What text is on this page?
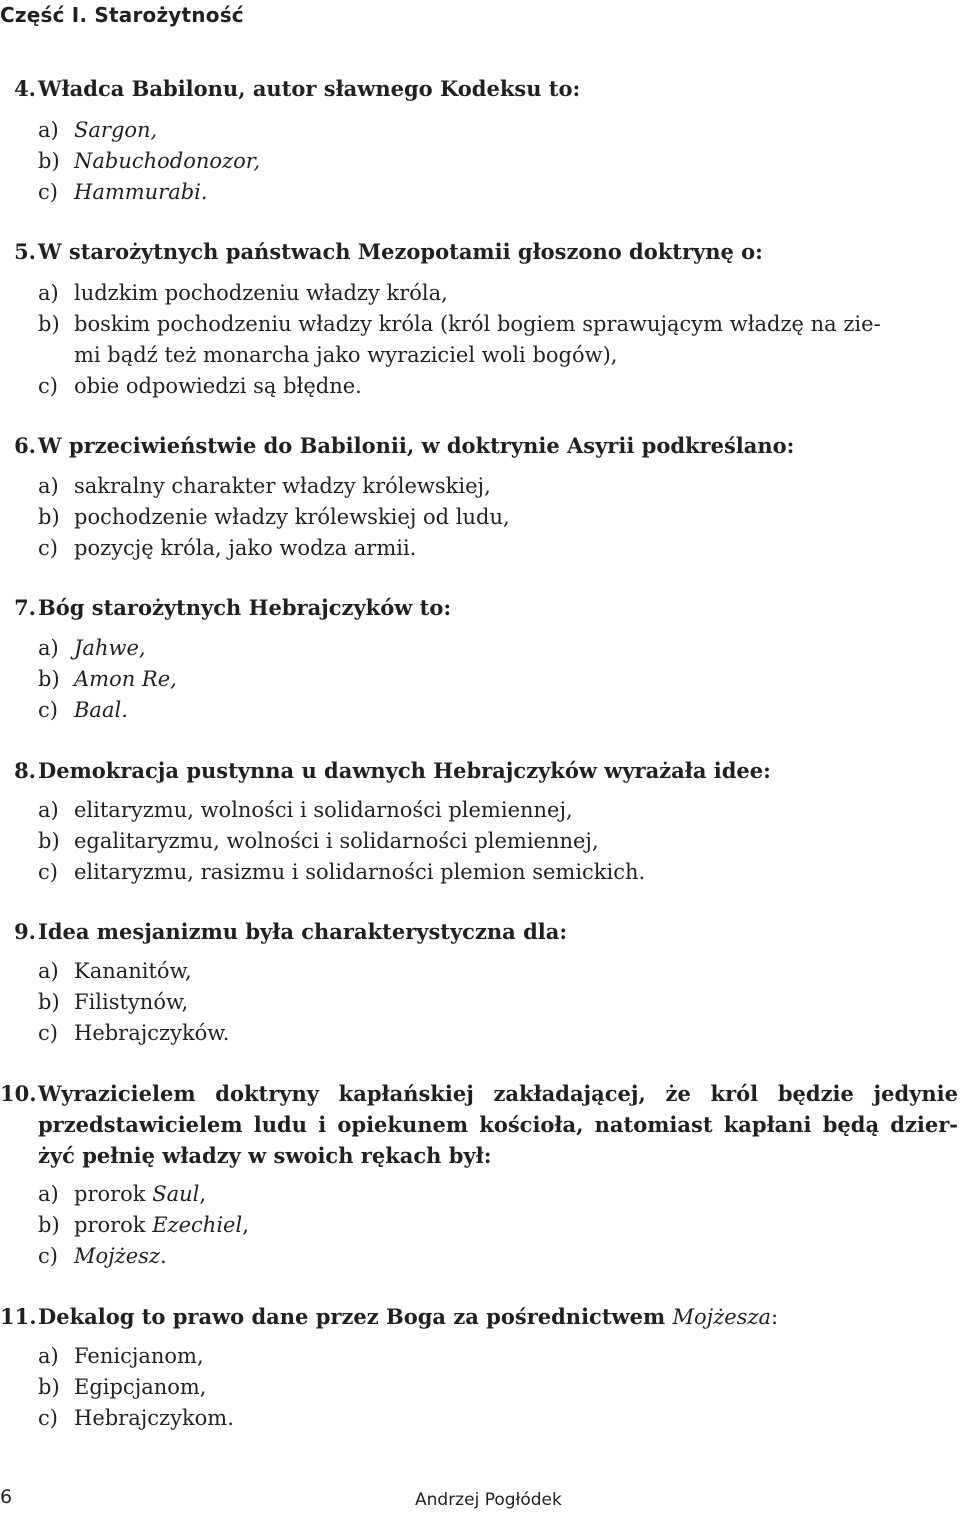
Część I. Starożytność
4. Władca Babilonu, autor sławnego Kodeksu to:
a) Sargon,
b) Nabuchodonozor,
c) Hammurabi.
5. W starożytnych państwach Mezopotamii głoszono doktrynę o:
a) ludzkim pochodzeniu władzy króla,
b) boskim pochodzeniu władzy króla (król bogiem sprawującym władzę na zie-
mi bądź też monarcha jako wyraziciel woli bogów),
c) obie odpowiedzi są błędne.
6. W przeciwieństwie do Babilonii, w doktrynie Asyrii podkreślano:
a) sakralny charakter władzy królewskiej,
b) pochodzenie władzy królewskiej od ludu,
c) pozycję króla, jako wodza armii.
7. Bóg starożytnych Hebrajczyków to:
a) Jahwe,
b) Amon Re,
c) Baal.
8. Demokracja pustynna u dawnych Hebrajczyków wyrażała idee:
a) elitaryzmu, wolności i solidarności plemiennej,
b) egalitaryzmu, wolności i solidarności plemiennej,
c) elitaryzmu, rasizmu i solidarności plemion semickich.
9. Idea mesjanizmu była charakterystyczna dla:
a) Kananitów,
b) Filistynów,
c) Hebrajczyków.
10. Wyrazicielem doktryny kapłańskiej zakładającej, że król będzie jedynie
przedstawicielem ludu i opiekunem kościoła, natomiast kapłani będą dzier-
żyć pełnię władzy w swoich rękach był:
a) prorok Saul,
b) prorok Ezechiel,
c) Mojżesz.
11. Dekalog to prawo dane przez Boga za pośrednictwem Mojżesza:
a) Fenicjanom,
b) Egipcjanom,
c) Hebrajczykom.
6	Andrzej Pogłódek
